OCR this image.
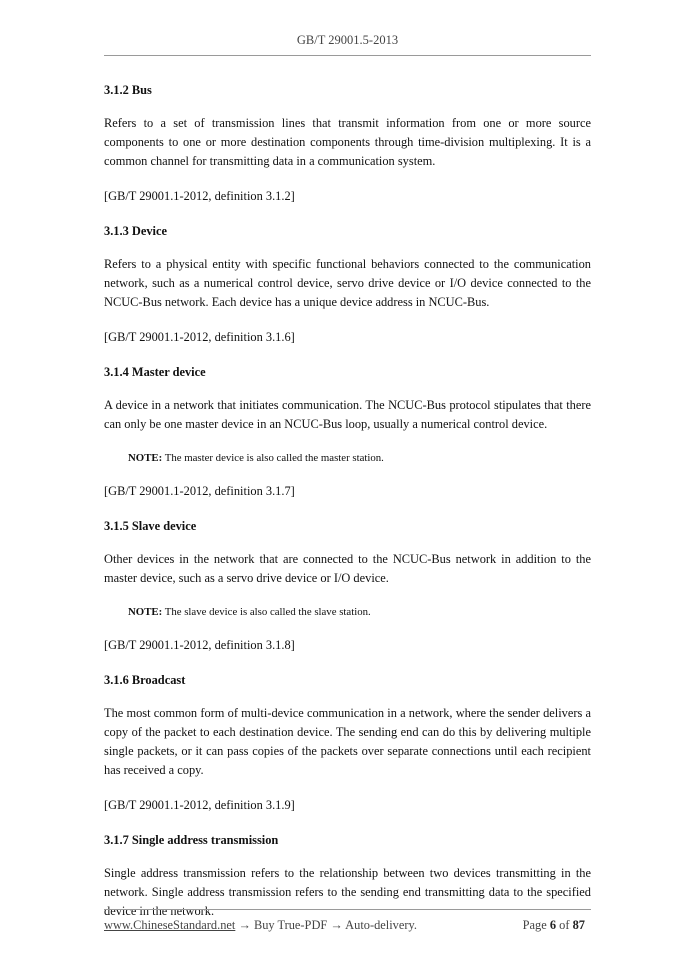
GB/T 29001.5-2013

3.1.2 Bus

Refers to a set of transmission lines that transmit information from one or more source components to one or more destination components through time-division multiplexing. It is a common channel for transmitting data in a communication system.

[GB/T 29001.1-2012, definition 3.1.2]

3.1.3 Device

Refers to a physical entity with specific functional behaviors connected to the communication network, such as a numerical control device, servo drive device or I/O device connected to the NCUC-Bus network. Each device has a unique device address in NCUC-Bus.

[GB/T 29001.1-2012, definition 3.1.6]

3.1.4 Master device

A device in a network that initiates communication. The NCUC-Bus protocol stipulates that there can only be one master device in an NCUC-Bus loop, usually a numerical control device.

NOTE: The master device is also called the master station.

[GB/T 29001.1-2012, definition 3.1.7]

3.1.5 Slave device

Other devices in the network that are connected to the NCUC-Bus network in addition to the master device, such as a servo drive device or I/O device.

NOTE: The slave device is also called the slave station.

[GB/T 29001.1-2012, definition 3.1.8]

3.1.6 Broadcast

The most common form of multi-device communication in a network, where the sender delivers a copy of the packet to each destination device. The sending end can do this by delivering multiple single packets, or it can pass copies of the packets over separate connections until each recipient has received a copy.

[GB/T 29001.1-2012, definition 3.1.9]

3.1.7 Single address transmission

Single address transmission refers to the relationship between two devices transmitting in the network. Single address transmission refers to the sending end transmitting data to the specified device in the network.

www.ChineseStandard.net → Buy True-PDF → Auto-delivery.	Page 6 of 87
